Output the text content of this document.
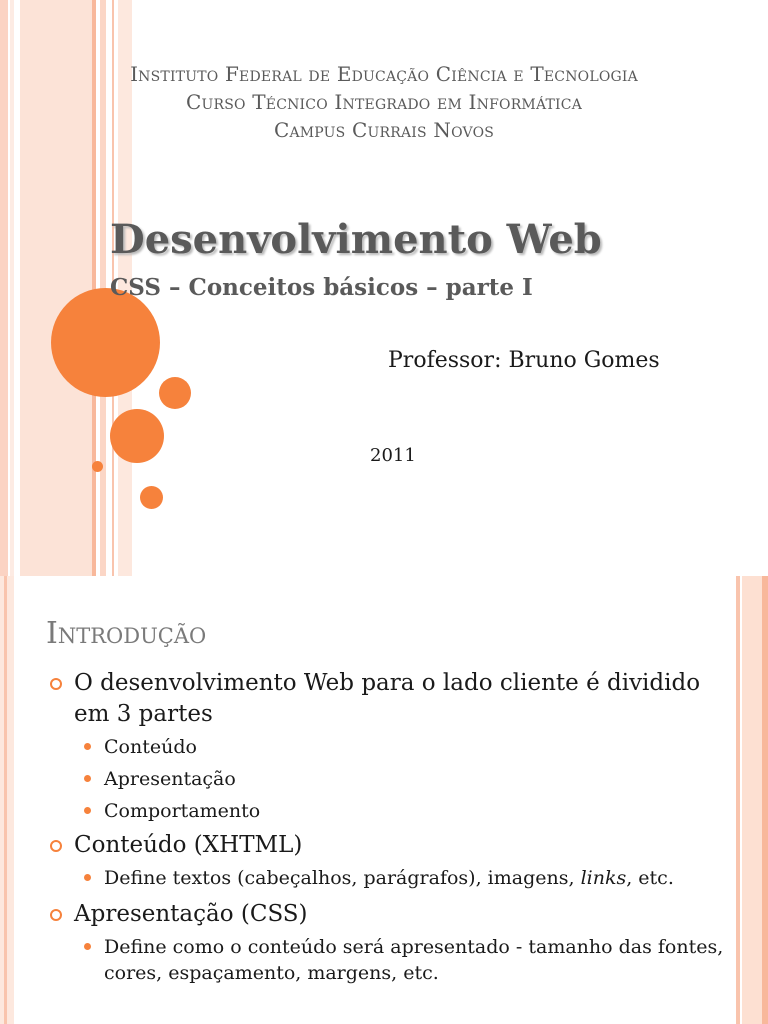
Instituto Federal de Educação Ciência e Tecnologia
Curso Técnico Integrado em Informática
Campus Currais Novos
Desenvolvimento Web
CSS – Conceitos básicos – parte I
Professor: Bruno Gomes
2011
Introdução
O desenvolvimento Web para o lado cliente é dividido em 3 partes
Conteúdo
Apresentação
Comportamento
Conteúdo (XHTML)
Define textos (cabeçalhos, parágrafos), imagens, links, etc.
Apresentação (CSS)
Define como o conteúdo será apresentado - tamanho das fontes, cores, espaçamento, margens, etc.
